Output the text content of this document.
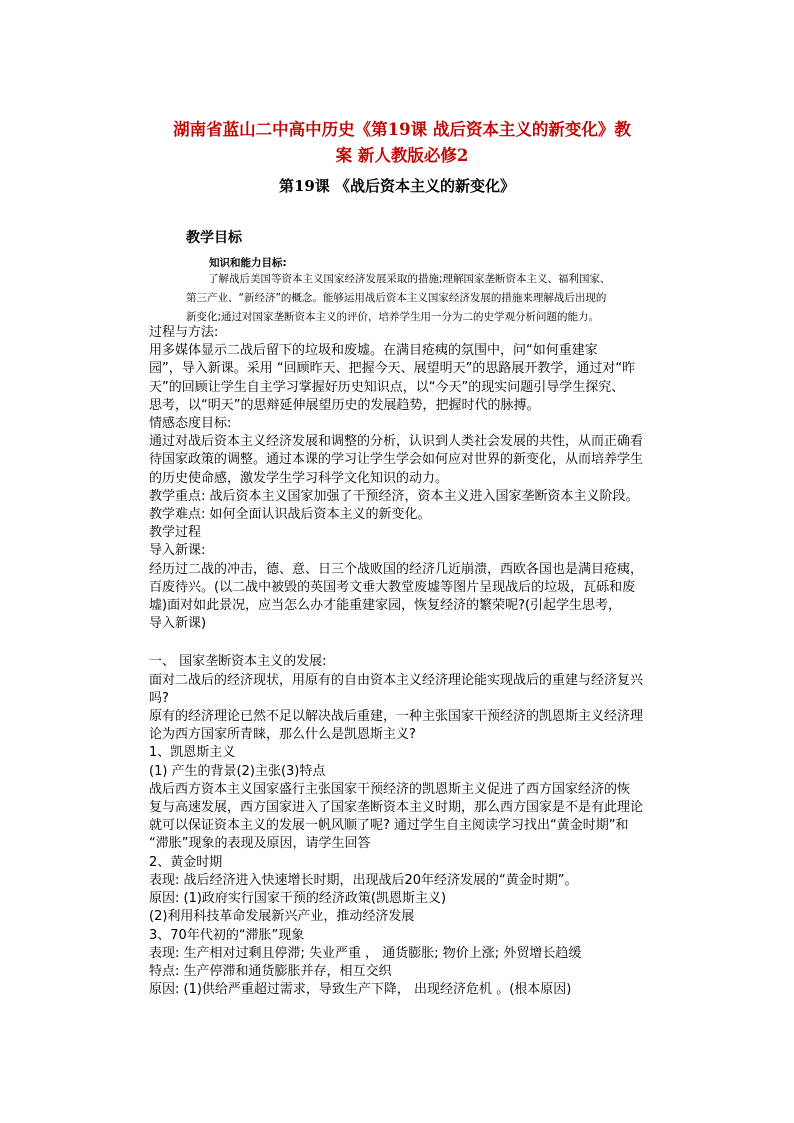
湖南省蓝山二中高中历史《第19课 战后资本主义的新变化》教
案 新人教版必修2
第19课 《战后资本主义的新变化》
教学目标
知识和能力目标:

了解战后美国等资本主义国家经济发展采取的措施;理解国家垄断资本主义、福利国家、

第三产业、“新经济”的概念。能够运用战后资本主义国家经济发展的措施来理解战后出现的

新变化;通过对国家垄断资本主义的评价，培养学生用一分为二的史学观分析问题的能力。

过程与方法:

用多媒体显示二战后留下的垃圾和废墟。在满目疮痍的氛围中，问“如何重建家

园”，导入新课。采用 “回顾昨天、把握今天、展望明天”的思路展开教学，通过对“昨

天”的回顾让学生自主学习掌握好历史知识点，以“今天”的现实问题引导学生探究、

思考，以“明天”的思辩延伸展望历史的发展趋势，把握时代的脉搏。

情感态度目标:

通过对战后资本主义经济发展和调整的分析，认识到人类社会发展的共性，从而正确看

待国家政策的调整。通过本课的学习让学生学会如何应对世界的新变化，从而培养学生

的历史使命感，激发学生学习科学文化知识的动力。

教学重点: 战后资本主义国家加强了干预经济，资本主义进入国家垄断资本主义阶段。

教学难点: 如何全面认识战后资本主义的新变化。

教学过程

导入新课:

经历过二战的冲击，德、意、日三个战败国的经济几近崩溃，西欧各国也是满目疮痍，

百废待兴。(以二战中被毁的英国考文垂大教堂废墟等图片呈现战后的垃圾，瓦砾和废

墟)面对如此景况，应当怎么办才能重建家园，恢复经济的繁荣呢?(引起学生思考，

导入新课)

一、 国家垄断资本主义的发展:

面对二战后的经济现状，用原有的自由资本主义经济理论能实现战后的重建与经济复兴

吗?

原有的经济理论已然不足以解决战后重建，一种主张国家干预经济的凯恩斯主义经济理

论为西方国家所青睐，那么什么是凯恩斯主义?

1、凯恩斯主义

(1) 产生的背景(2)主张(3)特点

战后西方资本主义国家盛行主张国家干预经济的凯恩斯主义促进了西方国家经济的恢

复与高速发展，西方国家进入了国家垄断资本主义时期，那么西方国家是不是有此理论

就可以保证资本主义的发展一帆风顺了呢? 通过学生自主阅读学习找出“黄金时期”和

“滞胀”现象的表现及原因，请学生回答

2、黄金时期

表现: 战后经济进入快速增长时期，出现战后20年经济发展的“黄金时期”。

原因: (1)政府实行国家干预的经济政策(凯恩斯主义)

(2)利用科技革命发展新兴产业，推动经济发展

3、70年代初的“滞胀”现象

表现: 生产相对过剩且停滞; 失业严重 ， 通货膨胀; 物价上涨; 外贸增长趋缓

特点: 生产停滞和通货膨胀并存，相互交织

原因: (1)供给严重超过需求，导致生产下降， 出现经济危机 。(根本原因)
